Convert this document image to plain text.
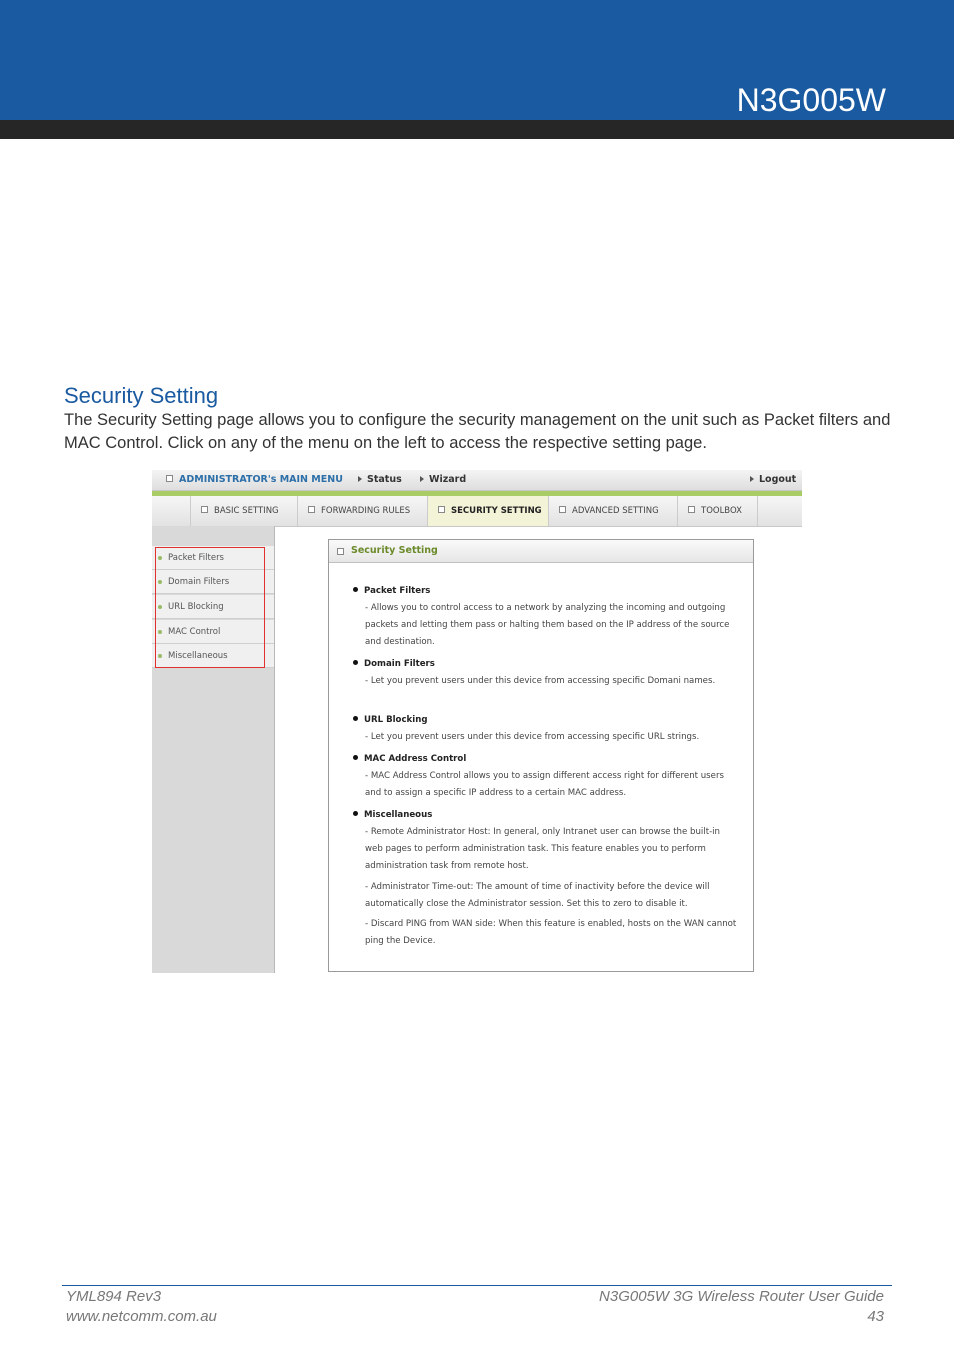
N3G005W
Security Setting
The Security Setting page allows you to configure the security management on the unit such as Packet filters and MAC Control. Click on any of the menu on the left to access the respective setting page.
ADMINISTRATOR's MAIN MENU	Status	Wizard	Logout
BASIC SETTING	FORWARDING RULES	SECURITY SETTING	ADVANCED SETTING	TOOLBOX
Packet Filters
Domain Filters
URL Blocking
MAC Control
Miscellaneous
Security Setting
Packet Filters
- Allows you to control access to a network by analyzing the incoming and outgoing packets and letting them pass or halting them based on the IP address of the source and destination.
Domain Filters
- Let you prevent users under this device from accessing specific Domani names.
URL Blocking
- Let you prevent users under this device from accessing specific URL strings.
MAC Address Control
- MAC Address Control allows you to assign different access right for different users and to assign a specific IP address to a certain MAC address.
Miscellaneous
- Remote Administrator Host: In general, only Intranet user can browse the built-in web pages to perform administration task. This feature enables you to perform administration task from remote host.
- Administrator Time-out: The amount of time of inactivity before the device will automatically close the Administrator session. Set this to zero to disable it.
- Discard PING from WAN side: When this feature is enabled, hosts on the WAN cannot ping the Device.
YML894 Rev3
www.netcomm.com.au
N3G005W 3G Wireless Router User Guide
43
